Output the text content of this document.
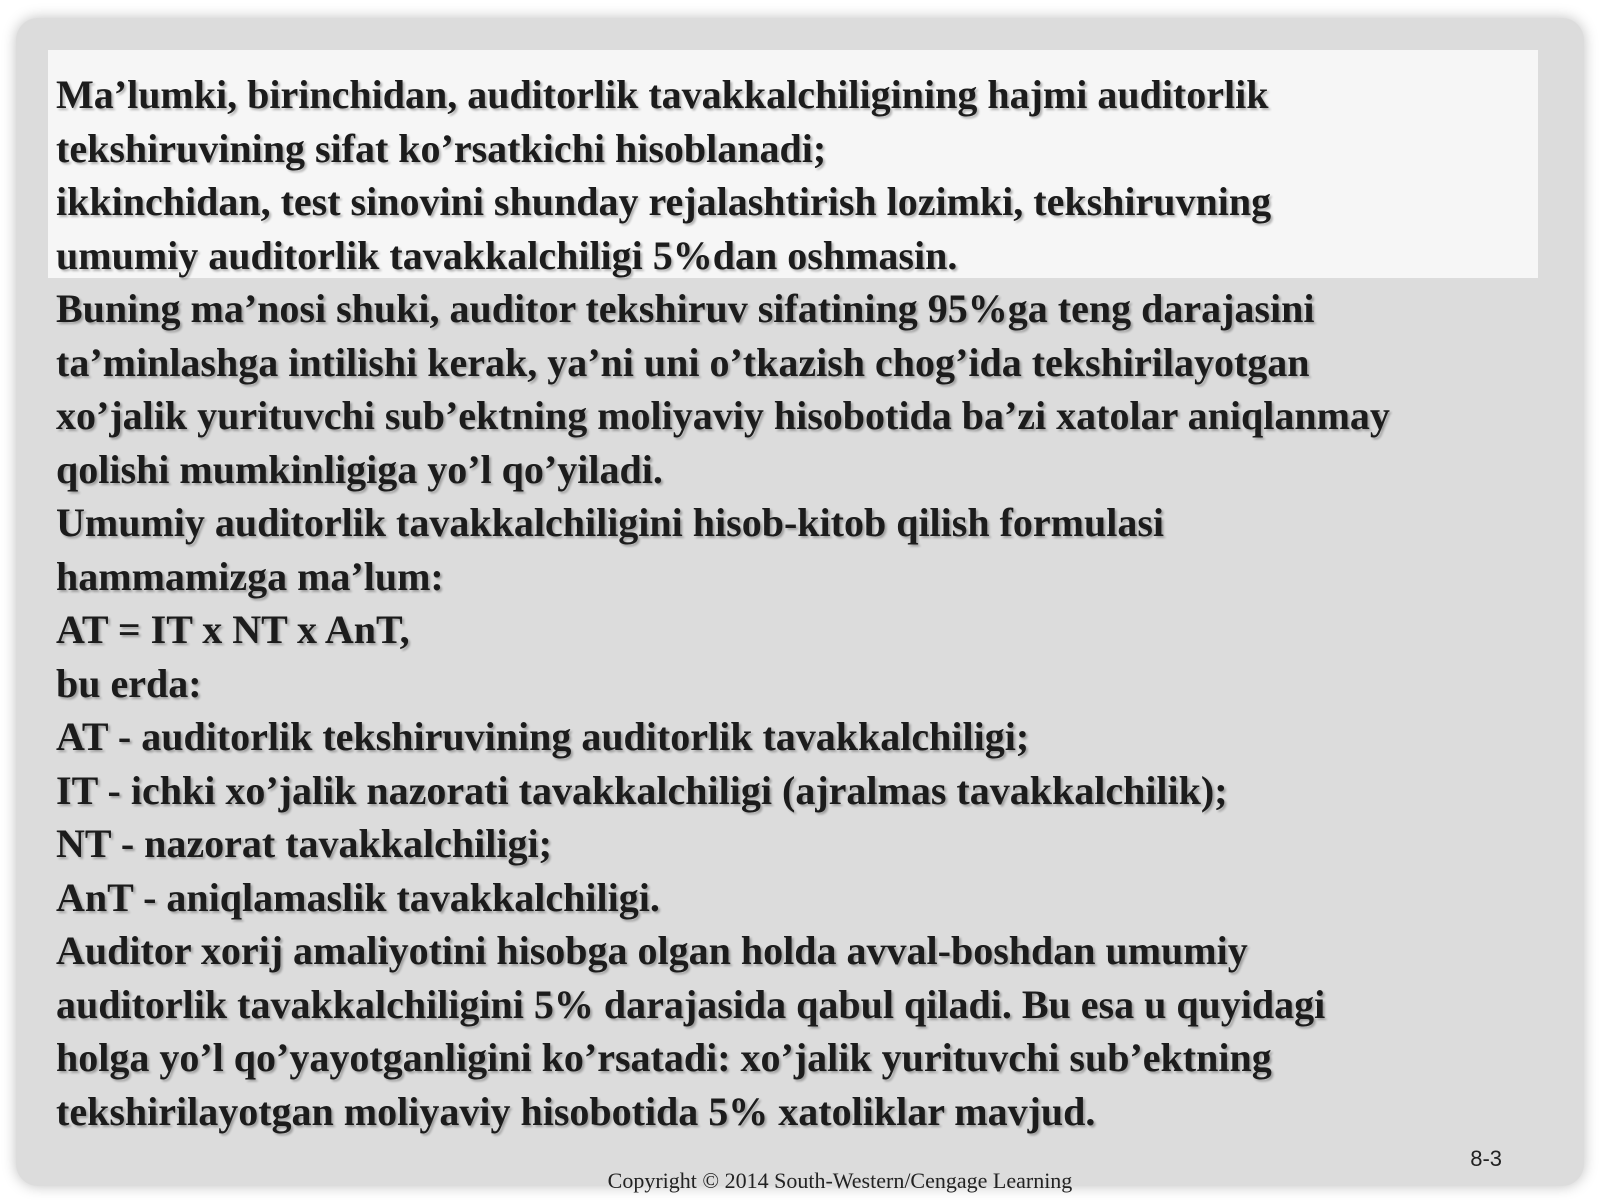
Ma’lumki, birinchidan, auditorlik tavakkalchiligining hajmi auditorlik
tekshiruvining sifat ko’rsatkichi hisoblanadi;
ikkinchidan, test sinovini shunday rejalashtirish lozimki, tekshiruvning
umumiy auditorlik tavakkalchiligi 5%dan oshmasin.
Buning ma’nosi shuki, auditor tekshiruv sifatining 95%ga teng darajasini
ta’minlashga intilishi kerak, ya’ni uni o’tkazish chog’ida tekshirilayotgan
xo’jalik yurituvchi sub’ektning moliyaviy hisobotida ba’zi xatolar aniqlanmay
qolishi mumkinligiga yo’l qo’yiladi.
Umumiy auditorlik tavakkalchiligini hisob-kitob qilish formulasi
hammamizga ma’lum:
AT = IT x NT x AnT,
bu erda:
AT - auditorlik tekshiruvining auditorlik tavakkalchiligi;
IT - ichki xo’jalik nazorati tavakkalchiligi (ajralmas tavakkalchilik);
NT - nazorat tavakkalchiligi;
AnT - aniqlamaslik tavakkalchiligi.
Auditor xorij amaliyotini hisobga olgan holda avval-boshdan umumiy
auditorlik tavakkalchiligini 5% darajasida qabul qiladi. Bu esa u quyidagi
holga yo’l qo’yayotganligini ko’rsatadi: xo’jalik yurituvchi sub’ektning
tekshirilayotgan moliyaviy hisobotida 5% xatoliklar mavjud.
8-3
Copyright © 2014 South-Western/Cengage Learning
